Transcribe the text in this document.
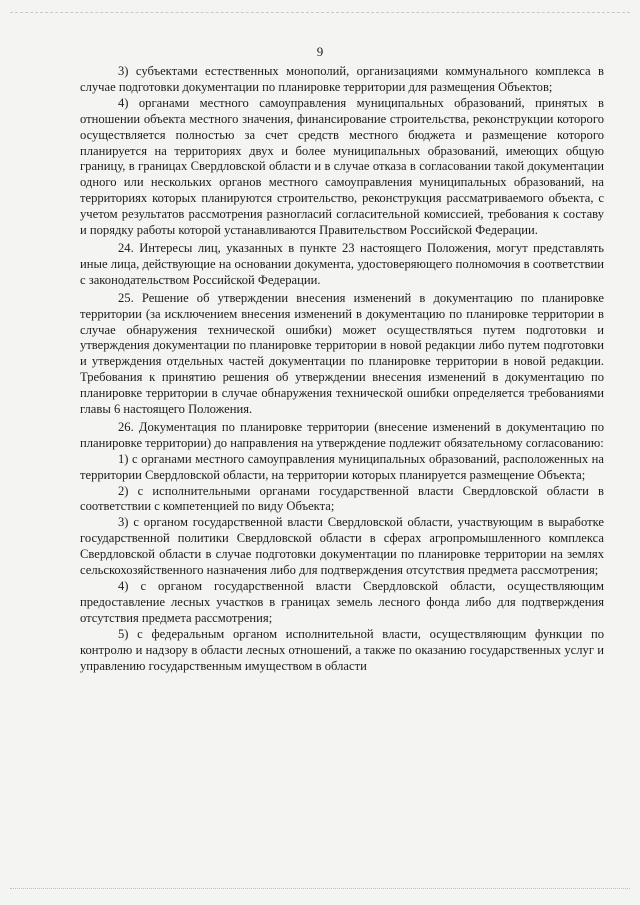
9

3) субъектами естественных монополий, организациями коммунального комплекса в случае подготовки документации по планировке территории для размещения Объектов;

4) органами местного самоуправления муниципальных образований, принятых в отношении объекта местного значения, финансирование строительства, реконструкции которого осуществляется полностью за счет средств местного бюджета и размещение которого планируется на территориях двух и более муниципальных образований, имеющих общую границу, в границах Свердловской области и в случае отказа в согласовании такой документации одного или нескольких органов местного самоуправления муниципальных образований, на территориях которых планируются строительство, реконструкция рассматриваемого объекта, с учетом результатов рассмотрения разногласий согласительной комиссией, требования к составу и порядку работы которой устанавливаются Правительством Российской Федерации.

24. Интересы лиц, указанных в пункте 23 настоящего Положения, могут представлять иные лица, действующие на основании документа, удостоверяющего полномочия в соответствии с законодательством Российской Федерации.

25. Решение об утверждении внесения изменений в документацию по планировке территории (за исключением внесения изменений в документацию по планировке территории в случае обнаружения технической ошибки) может осуществляться путем подготовки и утверждения документации по планировке территории в новой редакции либо путем подготовки и утверждения отдельных частей документации по планировке территории в новой редакции. Требования к принятию решения об утверждении внесения изменений в документацию по планировке территории в случае обнаружения технической ошибки определяется требованиями главы 6 настоящего Положения.

26. Документация по планировке территории (внесение изменений в документацию по планировке территории) до направления на утверждение подлежит обязательному согласованию:

1) с органами местного самоуправления муниципальных образований, расположенных на территории Свердловской области, на территории которых планируется размещение Объекта;

2) с исполнительными органами государственной власти Свердловской области в соответствии с компетенцией по виду Объекта;

3) с органом государственной власти Свердловской области, участвующим в выработке государственной политики Свердловской области в сферах агропромышленного комплекса Свердловской области в случае подготовки документации по планировке территории на землях сельскохозяйственного назначения либо для подтверждения отсутствия предмета рассмотрения;

4) с органом государственной власти Свердловской области, осуществляющим предоставление лесных участков в границах земель лесного фонда либо для подтверждения отсутствия предмета рассмотрения;

5) с федеральным органом исполнительной власти, осуществляющим функции по контролю и надзору в области лесных отношений, а также по оказанию государственных услуг и управлению государственным имуществом в области
